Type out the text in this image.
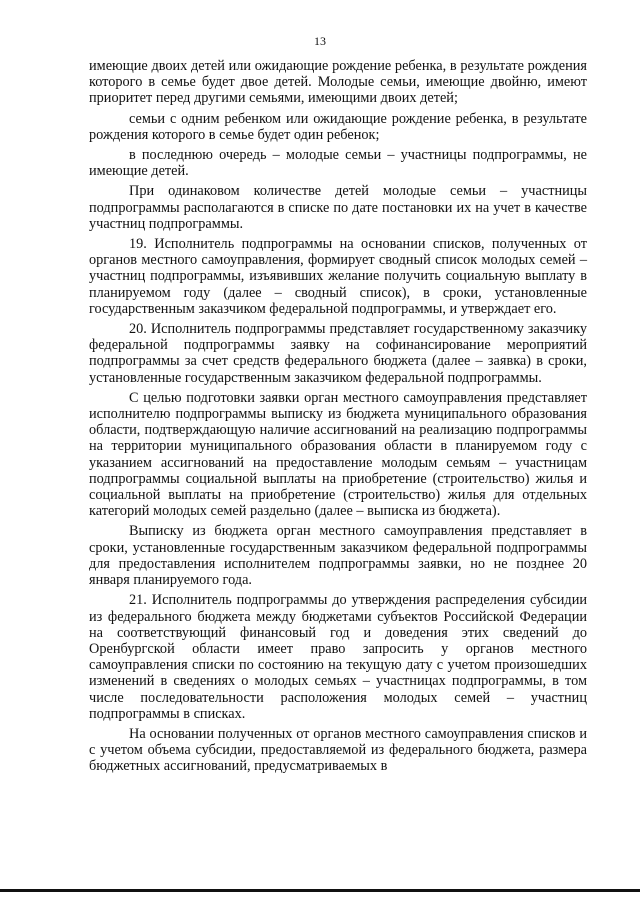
13

имеющие двоих детей или ожидающие рождение ребенка, в результате рождения которого в семье будет двое детей. Молодые семьи, имеющие двойню, имеют приоритет перед другими семьями, имеющими двоих детей;

семьи с одним ребенком или ожидающие рождение ребенка, в результате рождения которого в семье будет один ребенок;

в последнюю очередь – молодые семьи – участницы подпрограммы, не имеющие детей.

При одинаковом количестве детей молодые семьи – участницы подпрограммы располагаются в списке по дате постановки их на учет в качестве участниц подпрограммы.

19. Исполнитель подпрограммы на основании списков, полученных от органов местного самоуправления, формирует сводный список молодых семей – участниц подпрограммы, изъявивших желание получить социальную выплату в планируемом году (далее – сводный список), в сроки, установленные государственным заказчиком федеральной подпрограммы, и утверждает его.

20. Исполнитель подпрограммы представляет государственному заказчику федеральной подпрограммы заявку на софинансирование мероприятий подпрограммы за счет средств федерального бюджета (далее – заявка) в сроки, установленные государственным заказчиком федеральной подпрограммы.

С целью подготовки заявки орган местного самоуправления представляет исполнителю подпрограммы выписку из бюджета муниципального образования области, подтверждающую наличие ассигнований на реализацию подпрограммы на территории муниципального образования области в планируемом году с указанием ассигнований на предоставление молодым семьям – участницам подпрограммы социальной выплаты на приобретение (строительство) жилья и социальной выплаты на приобретение (строительство) жилья для отдельных категорий молодых семей раздельно (далее – выписка из бюджета).

Выписку из бюджета орган местного самоуправления представляет в сроки, установленные государственным заказчиком федеральной подпрограммы для предоставления исполнителем подпрограммы заявки, но не позднее 20 января планируемого года.

21. Исполнитель подпрограммы до утверждения распределения субсидии из федерального бюджета между бюджетами субъектов Российской Федерации на соответствующий финансовый год и доведения этих сведений до Оренбургской области имеет право запросить у органов местного самоуправления списки по состоянию на текущую дату с учетом произошедших изменений в сведениях о молодых семьях – участницах подпрограммы, в том числе последовательности расположения молодых семей – участниц подпрограммы в списках.

На основании полученных от органов местного самоуправления списков и с учетом объема субсидии, предоставляемой из федерального бюджета, размера бюджетных ассигнований, предусматриваемых в
